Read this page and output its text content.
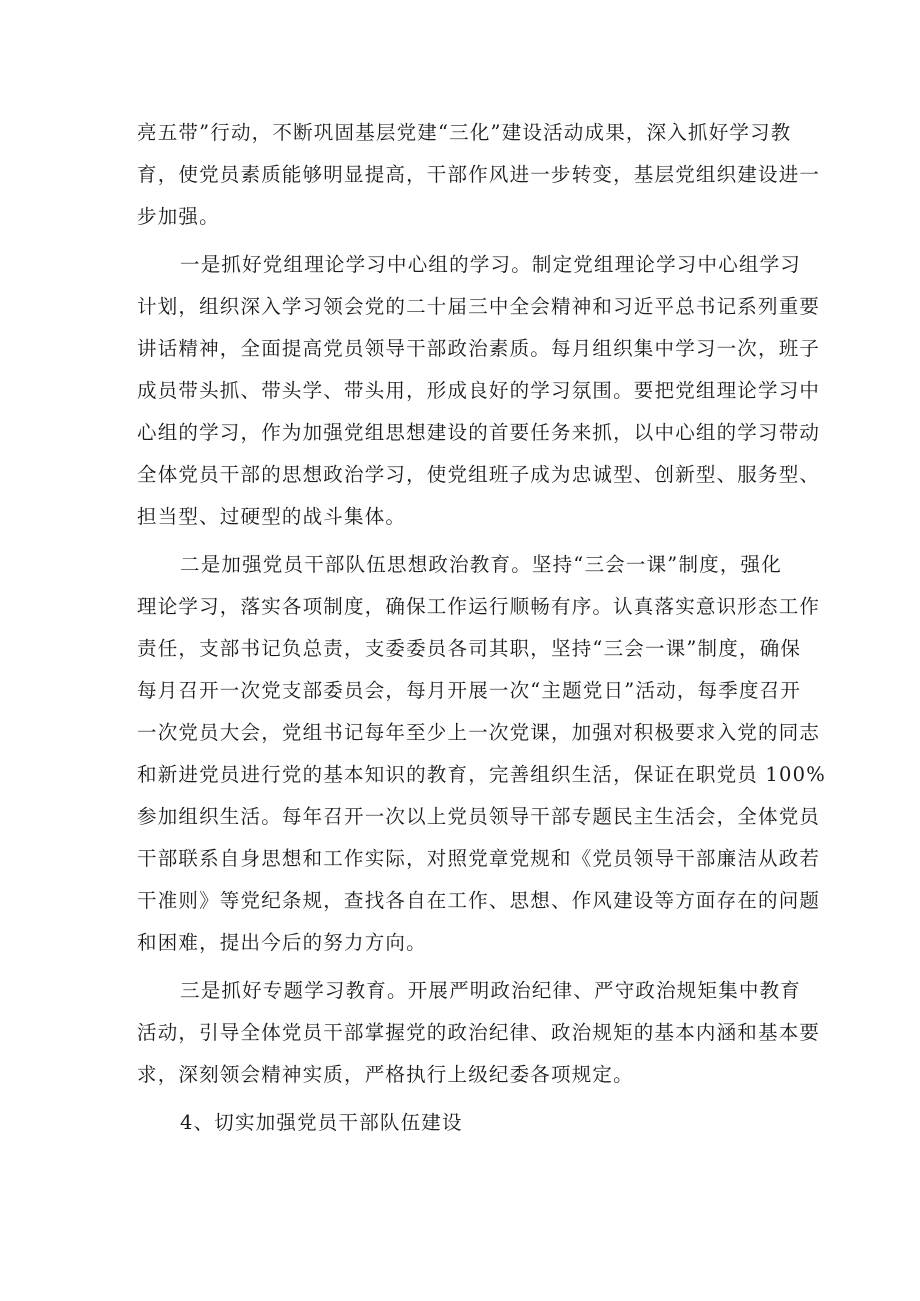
亮五带”行动，不断巩固基层党建“三化”建设活动成果，深入抓好学习教
育，使党员素质能够明显提高，干部作风进一步转变，基层党组织建设进一
步加强。
一是抓好党组理论学习中心组的学习。制定党组理论学习中心组学习
计划，组织深入学习领会党的二十届三中全会精神和习近平总书记系列重要
讲话精神，全面提高党员领导干部政治素质。每月组织集中学习一次，班子
成员带头抓、带头学、带头用，形成良好的学习氛围。要把党组理论学习中
心组的学习，作为加强党组思想建设的首要任务来抓，以中心组的学习带动
全体党员干部的思想政治学习，使党组班子成为忠诚型、创新型、服务型、
担当型、过硬型的战斗集体。
二是加强党员干部队伍思想政治教育。坚持“三会一课”制度，强化
理论学习，落实各项制度，确保工作运行顺畅有序。认真落实意识形态工作
责任，支部书记负总责，支委委员各司其职，坚持“三会一课”制度，确保
每月召开一次党支部委员会，每月开展一次“主题党日”活动，每季度召开
一次党员大会，党组书记每年至少上一次党课，加强对积极要求入党的同志
和新进党员进行党的基本知识的教育，完善组织生活，保证在职党员 100%
参加组织生活。每年召开一次以上党员领导干部专题民主生活会，全体党员
干部联系自身思想和工作实际，对照党章党规和《党员领导干部廉洁从政若
干准则》等党纪条规，查找各自在工作、思想、作风建设等方面存在的问题
和困难，提出今后的努力方向。
三是抓好专题学习教育。开展严明政治纪律、严守政治规矩集中教育
活动，引导全体党员干部掌握党的政治纪律、政治规矩的基本内涵和基本要
求，深刻领会精神实质，严格执行上级纪委各项规定。
4、切实加强党员干部队伍建设
